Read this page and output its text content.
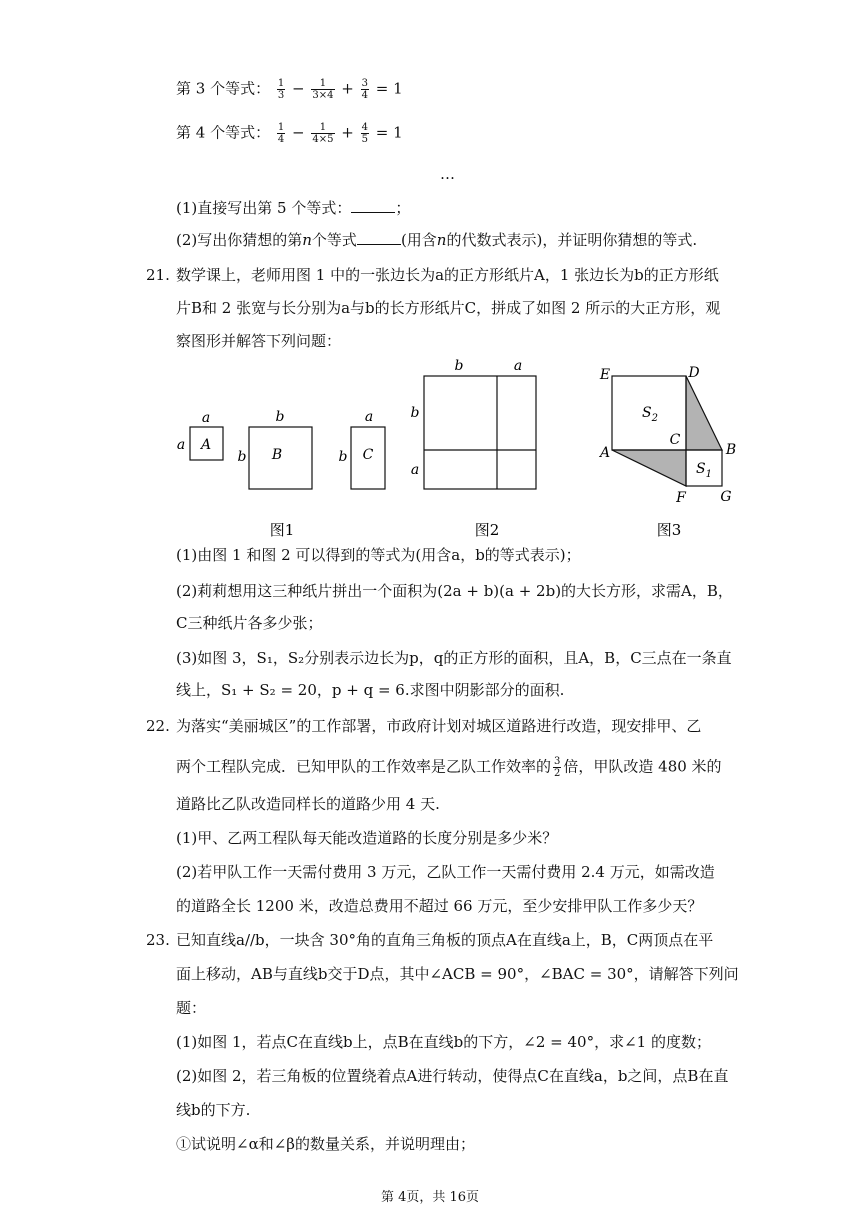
第 3 个等式： $\frac{1}{3} - \frac{1}{3\times 4} + \frac{3}{4} = 1$
第 4 个等式： $\frac{1}{4} - \frac{1}{4\times 5} + \frac{4}{5} = 1$
…
(1)直接写出第 5 个等式：	；
(2)写出你猜想的第n个等式	(用含n的代数式表示)，并证明你猜想的等式.
21. 数学课上，老师用图 1 中的一张边长为a的正方形纸片A，1 张边长为b的正方形纸
片B和 2 张宽与长分别为a与b的长方形纸片C，拼成了如图 2 所示的大正方形，观
察图形并解答下列问题：
a
a A
b
b B
a
b C
图1
b	a
b
a
图2
E	D
A	B
C
F G
$S_2$
$S_1$
图3
(1)由图 1 和图 2 可以得到的等式为(用含a，b的等式表示)；
(2)莉莉想用这三种纸片拼出一个面积为(2a + b)(a + 2b)的大长方形，求需A，B，
C三种纸片各多少张；
(3)如图 3，S₁，S₂分别表示边长为p，q的正方形的面积，且A，B，C三点在一条直
线上，S₁ + S₂ = 20，p + q = 6.求图中阴影部分的面积.
22. 为落实“美丽城区”的工作部署，市政府计划对城区道路进行改造，现安排甲、乙
两个工程队完成．已知甲队的工作效率是乙队工作效率的 $\frac{3}{2}$ 倍，甲队改造 480 米的
道路比乙队改造同样长的道路少用 4 天.
(1)甲、乙两工程队每天能改造道路的长度分别是多少米？
(2)若甲队工作一天需付费用 3 万元，乙队工作一天需付费用 2.4 万元，如需改造
的道路全长 1200 米，改造总费用不超过 66 万元，至少安排甲队工作多少天？
23. 已知直线a//b，一块含 30°角的直角三角板的顶点A在直线a上，B，C两顶点在平
面上移动，AB与直线b交于D点，其中∠ACB = 90°，∠BAC = 30°，请解答下列问
题：
(1)如图 1，若点C在直线b上，点B在直线b的下方，∠2 = 40°，求∠1 的度数；
(2)如图 2，若三角板的位置绕着点A进行转动，使得点C在直线a，b之间，点B在直
线b的下方.
①试说明∠α和∠β的数量关系，并说明理由；
第 4页，共 16页
